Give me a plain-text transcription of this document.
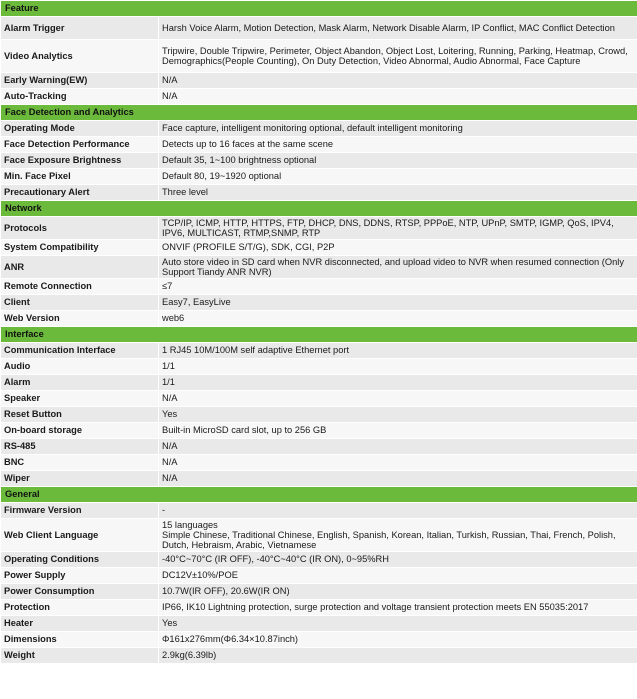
Feature	
Alarm Trigger	Harsh Voice Alarm, Motion Detection, Mask Alarm, Network Disable Alarm, IP Conflict, MAC Conflict Detection
Video Analytics	Tripwire, Double Tripwire, Perimeter, Object Abandon, Object Lost, Loitering, Running, Parking, Heatmap, Crowd, Demographics(People Counting), On Duty Detection, Video Abnormal, Audio Abnormal, Face Capture
Early Warning(EW)	N/A
Auto-Tracking	N/A
Face Detection and Analytics	
Operating Mode	Face capture, intelligent monitoring optional, default intelligent monitoring
Face Detection Performance	Detects up to 16 faces at the same scene
Face Exposure Brightness	Default 35, 1~100 brightness optional
Min. Face Pixel	Default 80, 19~1920 optional
Precautionary Alert	Three level
Network	
Protocols	TCP/IP, ICMP, HTTP, HTTPS, FTP, DHCP, DNS, DDNS, RTSP, PPPoE, NTP, UPnP, SMTP, IGMP, QoS, IPV4, IPV6, MULTICAST, RTMP,SNMP, RTP
System Compatibility	ONVIF (PROFILE S/T/G), SDK, CGI, P2P
ANR	Auto store video in SD card when NVR disconnected, and upload video to NVR when resumed connection (Only Support Tiandy ANR NVR)
Remote Connection	≤7
Client	Easy7, EasyLive
Web Version	web6
Interface	
Communication Interface	1 RJ45 10M/100M self adaptive Ethernet port
Audio	1/1
Alarm	1/1
Speaker	N/A
Reset Button	Yes
On-board storage	Built-in MicroSD card slot, up to 256 GB
RS-485	N/A
BNC	N/A
Wiper	N/A
General	
Firmware Version	-
Web Client Language	15 languages
Simple Chinese, Traditional Chinese, English, Spanish, Korean, Italian, Turkish, Russian, Thai, French, Polish, Dutch, Hebraism, Arabic, Vietnamese
Operating Conditions	-40°C~70°C (IR OFF), -40°C~40°C (IR ON), 0~95%RH
Power Supply	DC12V±10%/POE
Power Consumption	10.7W(IR OFF), 20.6W(IR ON)
Protection	IP66, IK10 Lightning protection, surge protection and voltage transient protection meets EN 55035:2017
Heater	Yes
Dimensions	Φ161x276mm(Φ6.34×10.87inch)
Weight	2.9kg(6.39lb)
